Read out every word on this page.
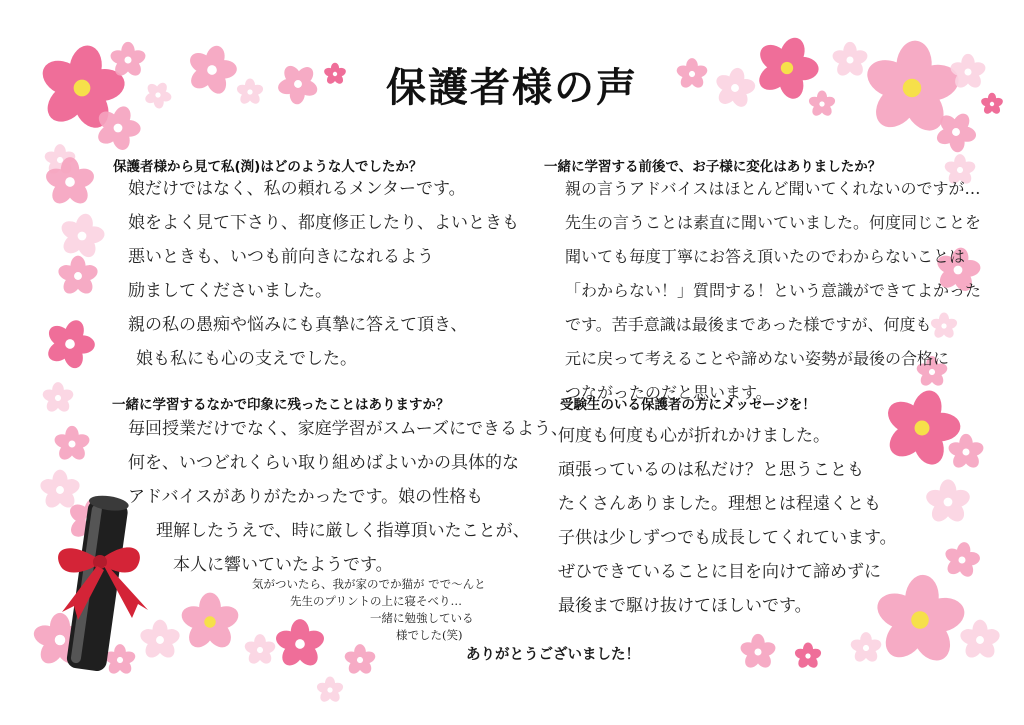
保護者様の声
保護者様から見て私(渕)はどのような人でしたか？
娘だけではなく、私の頼れるメンターです。
娘をよく見て下さり、都度修正したり、よいときも
悪いときも、いつも前向きになれるよう
励ましてくださいました。
親の私の愚痴や悩みにも真摯に答えて頂き、
娘も私にも心の支えでした。
一緒に学習するなかで印象に残ったことはありますか？
毎回授業だけでなく、家庭学習がスムーズにできるよう、
何を、いつどれくらい取り組めばよいかの具体的な
アドバイスがありがたかったです。娘の性格も
理解したうえで、時に厳しく指導頂いたことが、
本人に響いていたようです。
気がついたら、我が家のでか猫が でで〜んと
先生のプリントの上に寝そべり…
一緒に勉強している
様でした(笑)
一緒に学習する前後で、お子様に変化はありましたか？
親の言うアドバイスはほとんど聞いてくれないのですが…
先生の言うことは素直に聞いていました。何度同じことを
聞いても毎度丁寧にお答え頂いたのでわからないことは
「わからない！」質問する！という意識ができてよかった
です。苦手意識は最後まであった様ですが、何度も
元に戻って考えることや諦めない姿勢が最後の合格に
つながったのだと思います。
受験生のいる保護者の方にメッセージを！
何度も何度も心が折れかけました。
頑張っているのは私だけ？と思うことも
たくさんありました。理想とは程遠くとも
子供は少しずつでも成長してくれています。
ぜひできていることに目を向けて諦めずに
最後まで駆け抜けてほしいです。
ありがとうございました！
